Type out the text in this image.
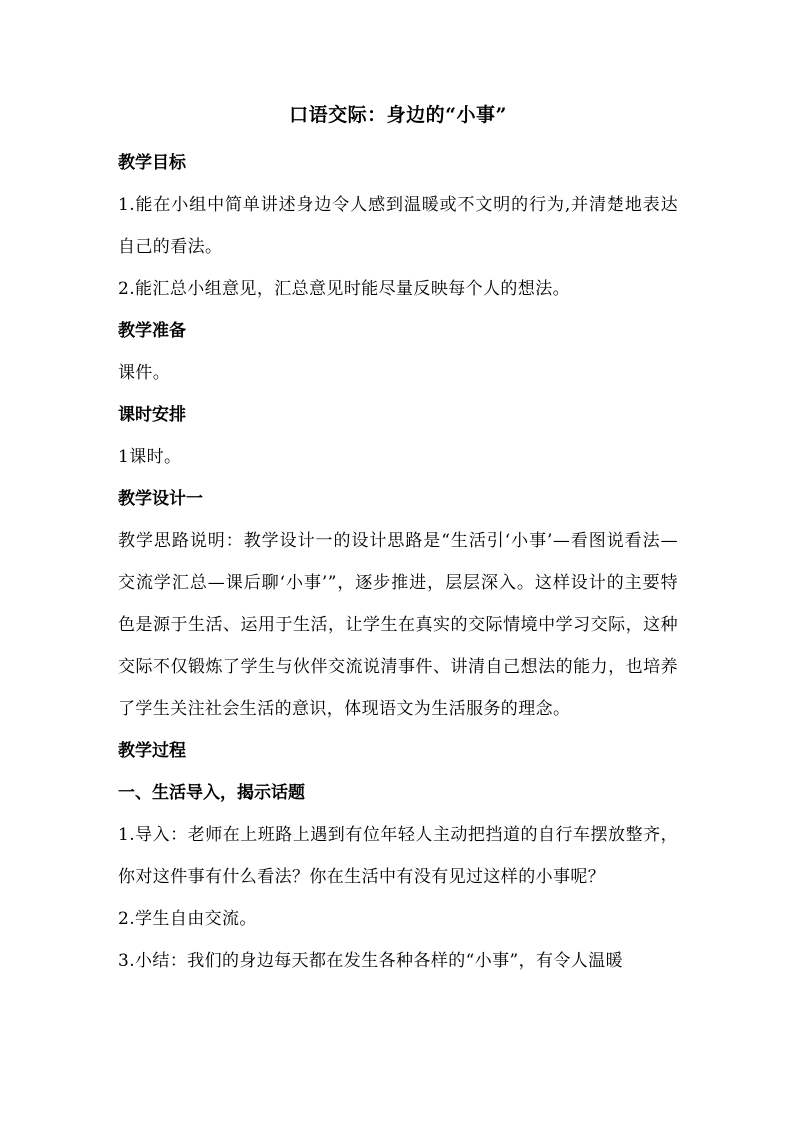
口语交际：身边的“小事”
教学目标
1.能在小组中简单讲述身边令人感到温暖或不文明的行为,并清楚地表达自己的看法。
2.能汇总小组意见，汇总意见时能尽量反映每个人的想法。
教学准备
课件。
课时安排
1课时。
教学设计一
教学思路说明：教学设计一的设计思路是“生活引‘小事’—看图说看法—交流学汇总—课后聊‘小事’”，逐步推进，层层深入。这样设计的主要特色是源于生活、运用于生活，让学生在真实的交际情境中学习交际，这种交际不仅锻炼了学生与伙伴交流说清事件、讲清自己想法的能力，也培养了学生关注社会生活的意识，体现语文为生活服务的理念。
教学过程
一、生活导入，揭示话题
1.导入：老师在上班路上遇到有位年轻人主动把挡道的自行车摆放整齐，你对这件事有什么看法？你在生活中有没有见过这样的小事呢？
2.学生自由交流。
3.小结：我们的身边每天都在发生各种各样的“小事”，有令人温暖
